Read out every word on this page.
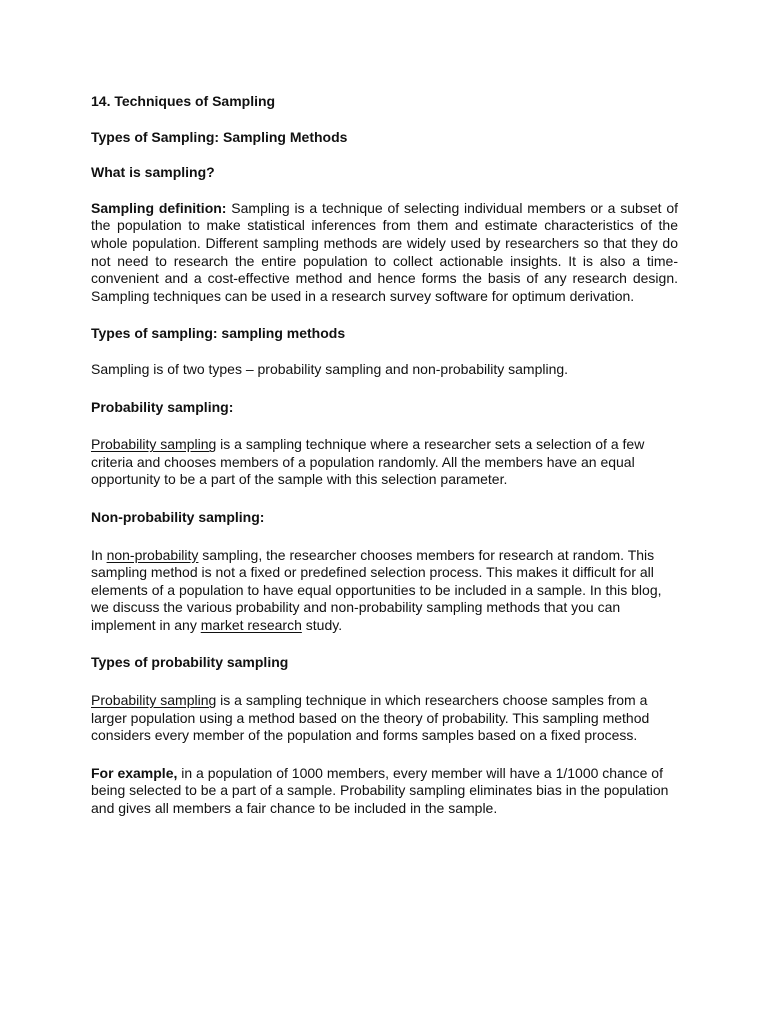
14. Techniques of Sampling

Types of Sampling: Sampling Methods

What is sampling?

Sampling definition: Sampling is a technique of selecting individual members or a subset of the population to make statistical inferences from them and estimate characteristics of the whole population. Different sampling methods are widely used by researchers so that they do not need to research the entire population to collect actionable insights. It is also a time-convenient and a cost-effective method and hence forms the basis of any research design. Sampling techniques can be used in a research survey software for optimum derivation.

Types of sampling: sampling methods

Sampling is of two types – probability sampling and non-probability sampling.

Probability sampling:

Probability sampling is a sampling technique where a researcher sets a selection of a few criteria and chooses members of a population randomly. All the members have an equal opportunity to be a part of the sample with this selection parameter.

Non-probability sampling:

In non-probability sampling, the researcher chooses members for research at random. This sampling method is not a fixed or predefined selection process. This makes it difficult for all elements of a population to have equal opportunities to be included in a sample. In this blog, we discuss the various probability and non-probability sampling methods that you can implement in any market research study.

Types of probability sampling

Probability sampling is a sampling technique in which researchers choose samples from a larger population using a method based on the theory of probability. This sampling method considers every member of the population and forms samples based on a fixed process.

For example, in a population of 1000 members, every member will have a 1/1000 chance of being selected to be a part of a sample. Probability sampling eliminates bias in the population and gives all members a fair chance to be included in the sample.
